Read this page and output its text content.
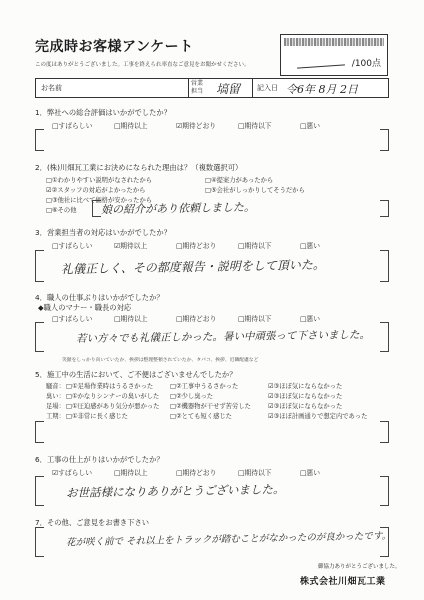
完成時お客様アンケート
/100点
この度はありがとうございました。工事を終えられ率直なご意見をお聞かせください。
お名前
営業
担当 塙留 記入日 令6年 8月 2日
1．弊社への総合評価はいかがでしたか？
□すばらしい	□期待以上	☑期待どおり	□期待以下	□悪い
2．(株)川畑瓦工業にお決めになられた理由は？（複数選択可）
□①わかりやすい説明がなされたから	□④提案力があったから
☑②スタッフの対応がよかったから	□⑤会社がしっかりしてそうだから
□③他社に比べて価格が安かったから
□⑥その他 娘の紹介があり依頼しました。
3．営業担当者の対応はいかがでしたか？
□すばらしい	☑期待以上	□期待どおり	□期待以下	□悪い
礼儀正しく、その都度報告・説明をして頂いた。
4．職人の仕事ぶりはいかがでしたか？
◆職人のマナー・職長の対応
□すばらしい	□期待以上	□期待どおり	□期待以下	□悪い
若い方々でも礼儀正しかった。暑い中頑張って下さいました。
笑顔をしっかり向いていたか、挨拶は整理整頓されていたか、タバコ、挨拶、近隣配慮など
5．施工中の生活において、ご不便はございませんでしたか？
騒音： □①足場作業時はうるさかった	□②工事中うるさかった	☑③ほぼ気にならなかった
臭い： □①かなりシンナーの臭いがした □②少し臭った	☑③ほぼ気にならなかった
足場： □①圧迫感があり気分が悪かった □②機器物が干せず苦労した	☑③ほぼ気にならなかった
工期： □①非常に長く感じた	□②とても短く感じた	☑③ほぼ計画通りで想定内であった
6．工事の仕上がりはいかがでしたか？
☑すばらしい	□期待以上	□期待どおり	□期待以下	□悪い
お世話様になりありがとうございました。
7．その他、ご意見をお書き下さい
花が咲く前で それ以上をトラックが踏むことがなかったのが良かったです。
御協力ありがとうございました。
株式会社川畑瓦工業
